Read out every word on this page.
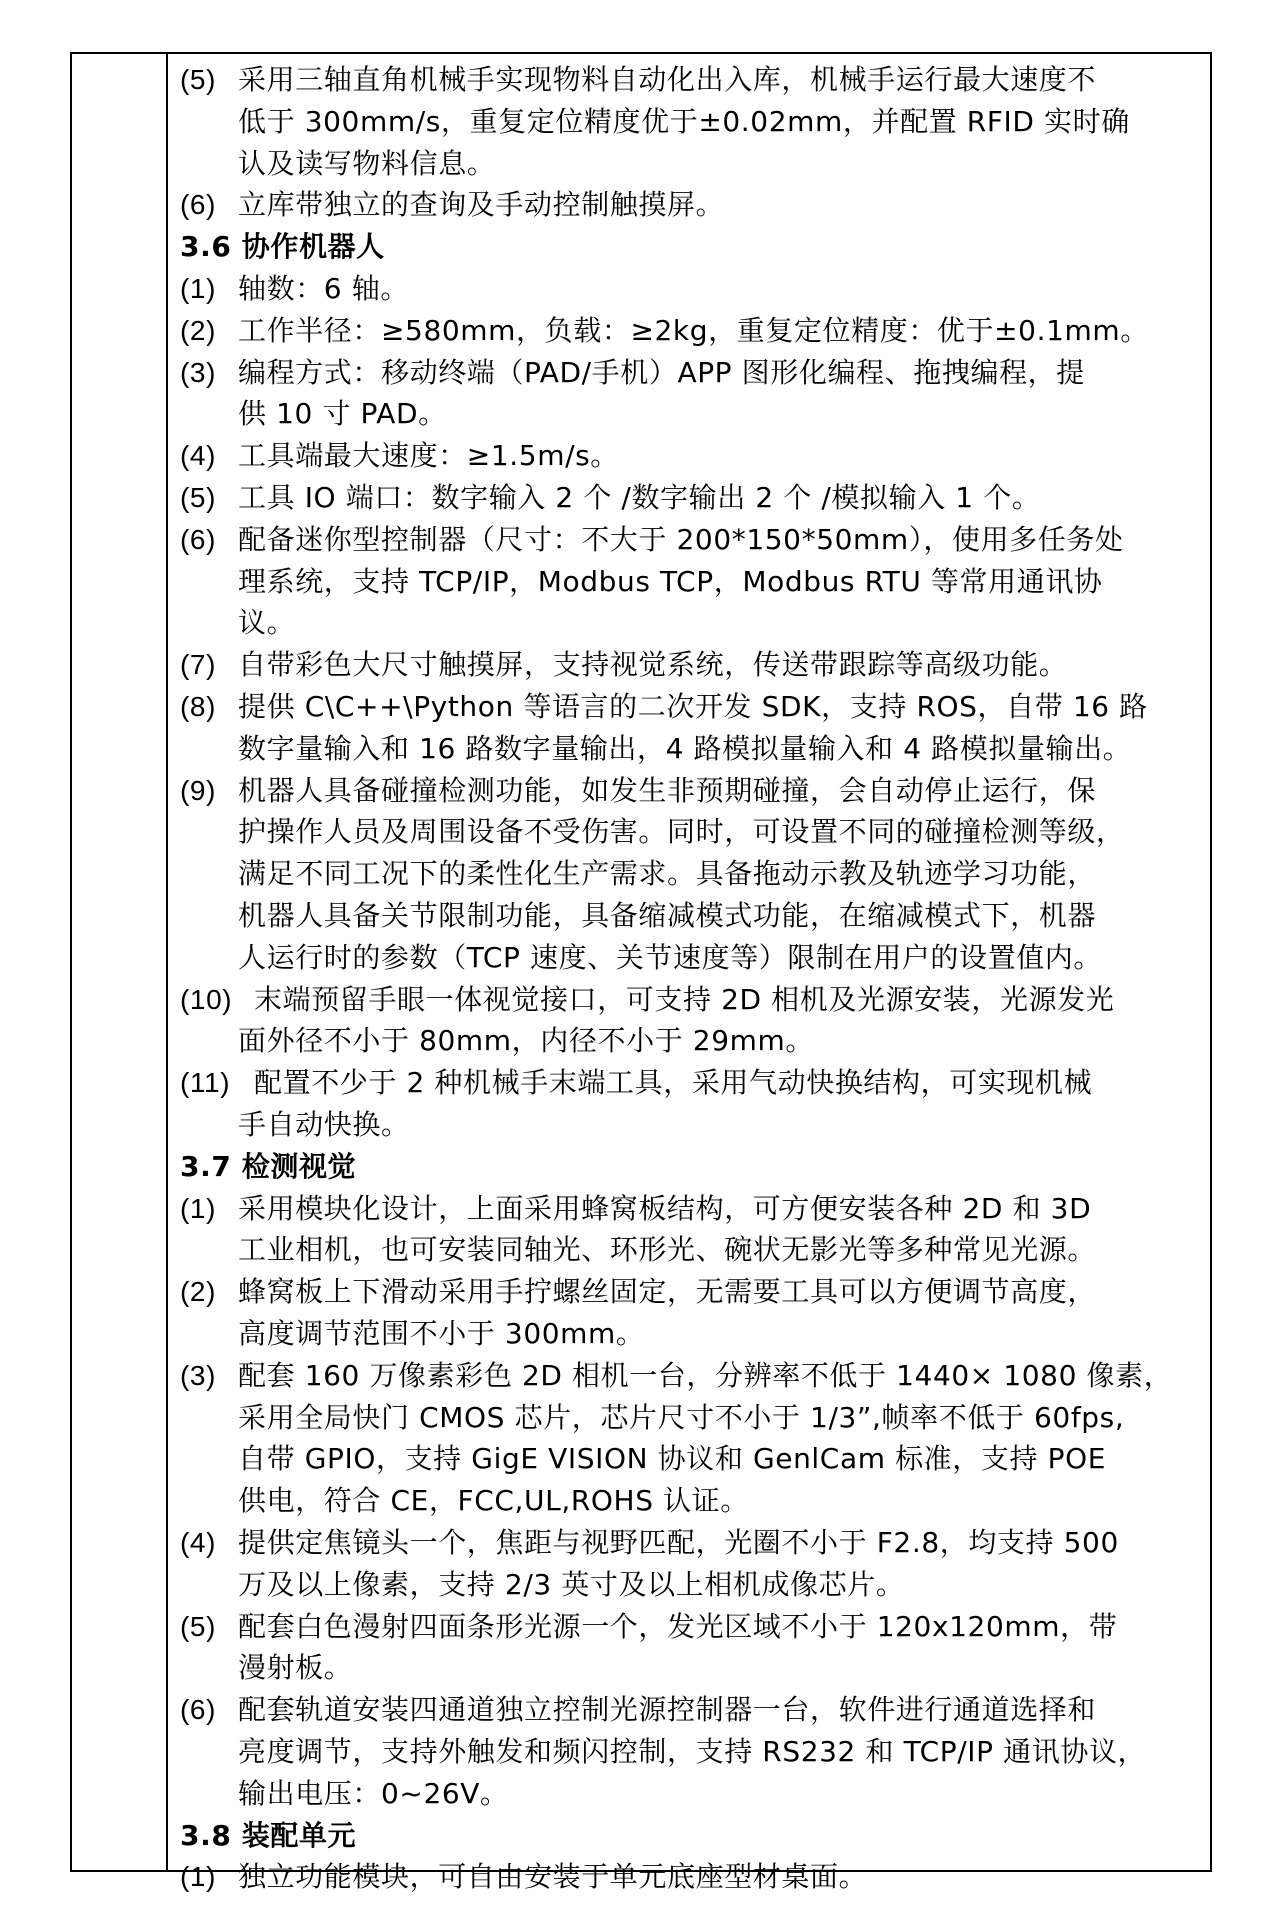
(5) 采用三轴直角机械手实现物料自动化出入库，机械手运行最大速度不
低于 300mm/s，重复定位精度优于±0.02mm，并配置 RFID 实时确
认及读写物料信息。
(6) 立库带独立的查询及手动控制触摸屏。
3.6 协作机器人
(1) 轴数：6 轴。
(2) 工作半径：≥580mm，负载：≥2kg，重复定位精度：优于±0.1mm。
(3) 编程方式：移动终端（PAD/手机）APP 图形化编程、拖拽编程，提
供 10 寸 PAD。
(4) 工具端最大速度：≥1.5m/s。
(5) 工具 IO 端口：数字输入 2 个 /数字输出 2 个 /模拟输入 1 个。
(6) 配备迷你型控制器（尺寸：不大于 200*150*50mm），使用多任务处
理系统，支持 TCP/IP，Modbus TCP，Modbus RTU 等常用通讯协
议。
(7) 自带彩色大尺寸触摸屏，支持视觉系统，传送带跟踪等高级功能。
(8) 提供 C\C++\Python 等语言的二次开发 SDK，支持 ROS，自带 16 路
数字量输入和 16 路数字量输出，4 路模拟量输入和 4 路模拟量输出。
(9) 机器人具备碰撞检测功能，如发生非预期碰撞，会自动停止运行，保
护操作人员及周围设备不受伤害。同时，可设置不同的碰撞检测等级，
满足不同工况下的柔性化生产需求。具备拖动示教及轨迹学习功能，
机器人具备关节限制功能，具备缩减模式功能，在缩减模式下，机器
人运行时的参数（TCP 速度、关节速度等）限制在用户的设置值内。
(10) 末端预留手眼一体视觉接口，可支持 2D 相机及光源安装，光源发光
面外径不小于 80mm，内径不小于 29mm。
(11) 配置不少于 2 种机械手末端工具，采用气动快换结构，可实现机械
手自动快换。
3.7 检测视觉
(1) 采用模块化设计，上面采用蜂窝板结构，可方便安装各种 2D 和 3D
工业相机，也可安装同轴光、环形光、碗状无影光等多种常见光源。
(2) 蜂窝板上下滑动采用手拧螺丝固定，无需要工具可以方便调节高度，
高度调节范围不小于 300mm。
(3) 配套 160 万像素彩色 2D 相机一台，分辨率不低于 1440× 1080 像素，
采用全局快门 CMOS 芯片，芯片尺寸不小于 1/3”,帧率不低于 60fps,
自带 GPIO，支持 GigE VISION 协议和 GenlCam 标准，支持 POE
供电，符合 CE，FCC,UL,ROHS 认证。
(4) 提供定焦镜头一个，焦距与视野匹配，光圈不小于 F2.8，均支持 500
万及以上像素，支持 2/3 英寸及以上相机成像芯片。
(5) 配套白色漫射四面条形光源一个，发光区域不小于 120x120mm，带
漫射板。
(6) 配套轨道安装四通道独立控制光源控制器一台，软件进行通道选择和
亮度调节，支持外触发和频闪控制，支持 RS232 和 TCP/IP 通讯协议，
输出电压：0~26V。
3.8 装配单元
(1) 独立功能模块，可自由安装于单元底座型材桌面。
